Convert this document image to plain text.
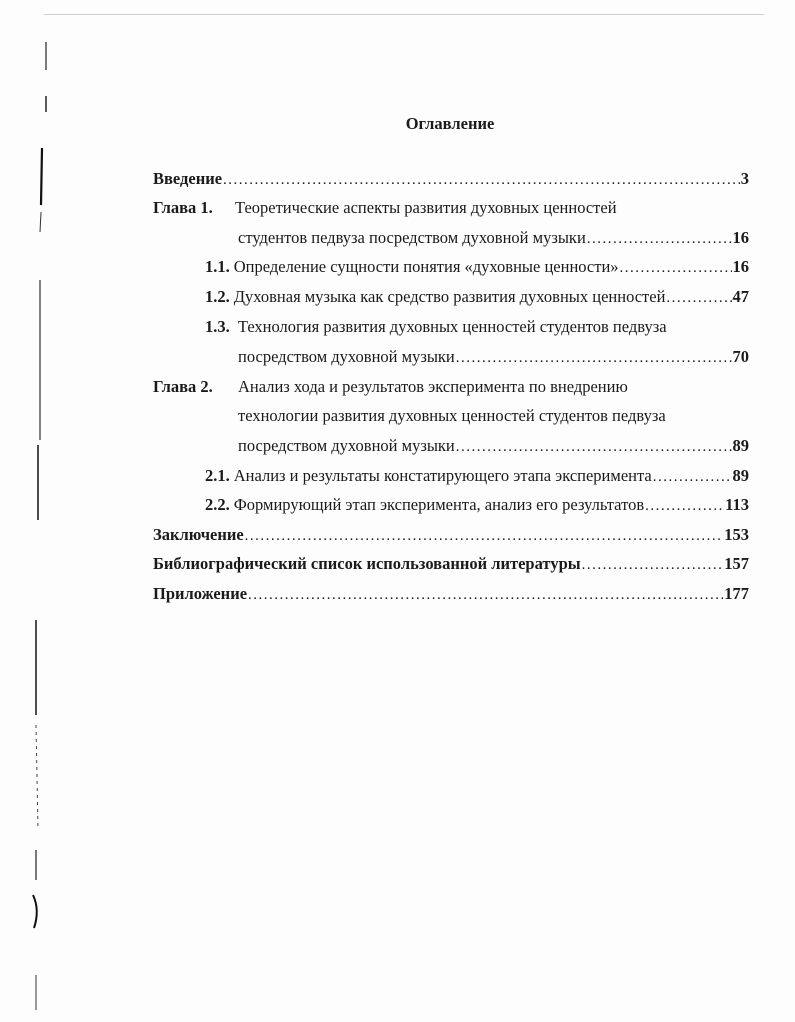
Оглавление
Введение .....	3
Глава 1. Теоретические аспекты развития духовных ценностей
студентов педвуза посредством духовной музыки .....	16
1.1. Определение сущности понятия «духовные ценности» .....	16
1.2. Духовная музыка как средство развития духовных ценностей .....	47
1.3. Технология развития духовных ценностей студентов педвуза
посредством духовной музыки .....	70
Глава 2. Анализ хода и результатов эксперимента по внедрению
технологии развития духовных ценностей студентов педвуза
посредством духовной музыки .....	89
2.1. Анализ и результаты констатирующего этапа эксперимента .....	89
2.2. Формирующий этап эксперимента, анализ его результатов .....	113
Заключение .....	153
Библиографический список использованной литературы .....	157
Приложение .....	177
